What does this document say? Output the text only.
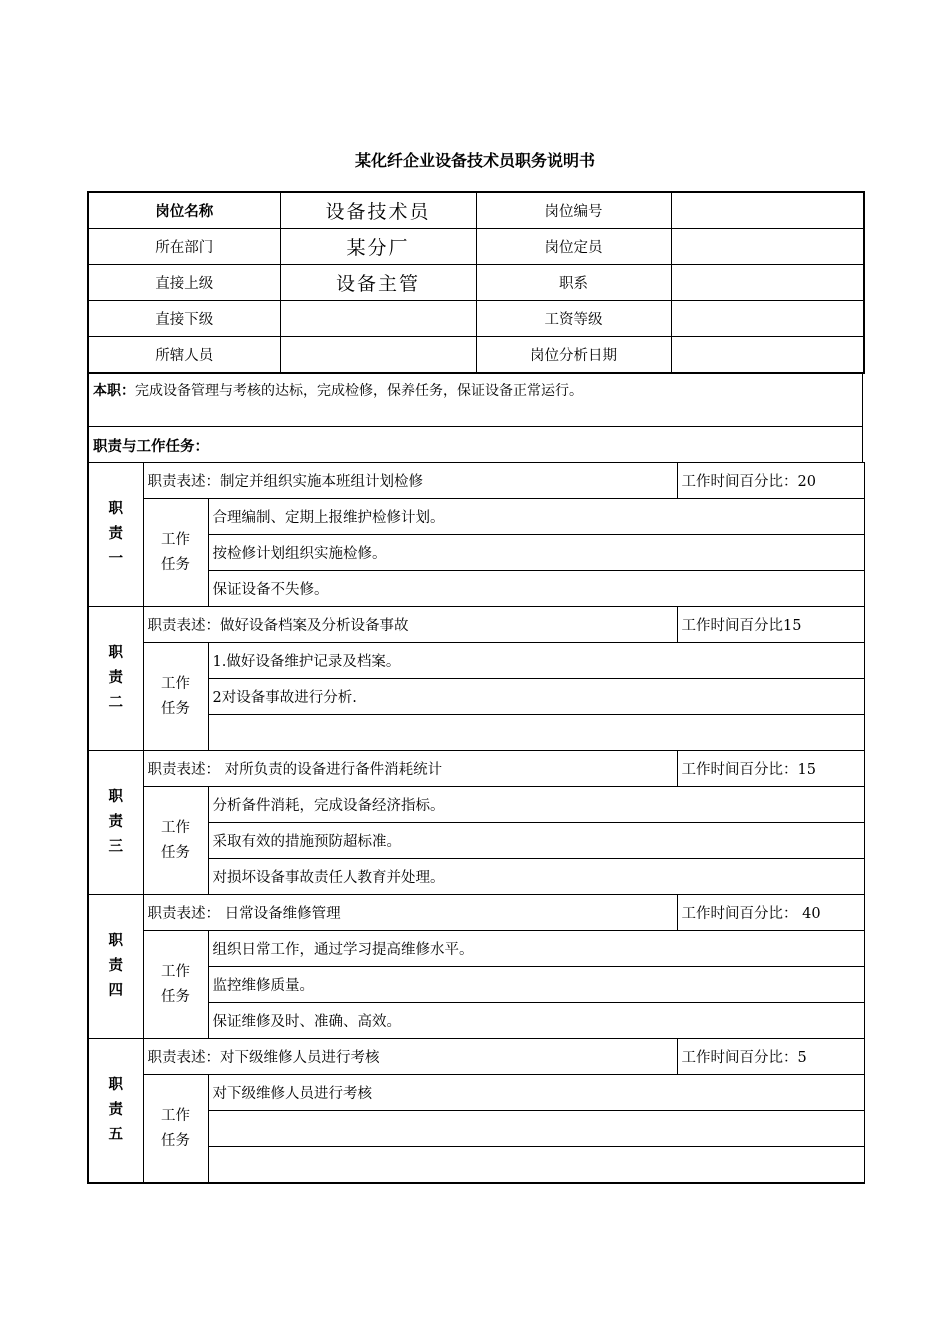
某化纤企业设备技术员职务说明书
岗位名称	设备技术员	岗位编号	
所在部门	某分厂	岗位定员	
直接上级	设备主管	职系	
直接下级		工资等级	
所辖人员		岗位分析日期	
本职：完成设备管理与考核的达标，完成检修，保养任务，保证设备正常运行。
职责与工作任务：
职
责
一	职责表述：制定并组织实施本班组计划检修		工作时间百分比：20
	工作
任务	合理编制、定期上报维护检修计划。	
		按检修计划组织实施检修。	
		保证设备不失修。	
职
责
二	职责表述：做好设备档案及分析设备事故		工作时间百分比15
	工作
任务	1.做好设备维护记录及档案。	
		2对设备事故进行分析.	

职
责
三	职责表述： 对所负责的设备进行备件消耗统计		工作时间百分比：15
	工作
任务	分析备件消耗，完成设备经济指标。	
		采取有效的措施预防超标准。	
		对损坏设备事故责任人教育并处理。	
职
责
四	职责表述： 日常设备维修管理		工作时间百分比： 40
	工作
任务	组织日常工作，通过学习提高维修水平。	
		监控维修质量。	
		保证维修及时、准确、高效。	
职
责
五	职责表述：对下级维修人员进行考核		工作时间百分比：5
	工作
任务	对下级维修人员进行考核	
